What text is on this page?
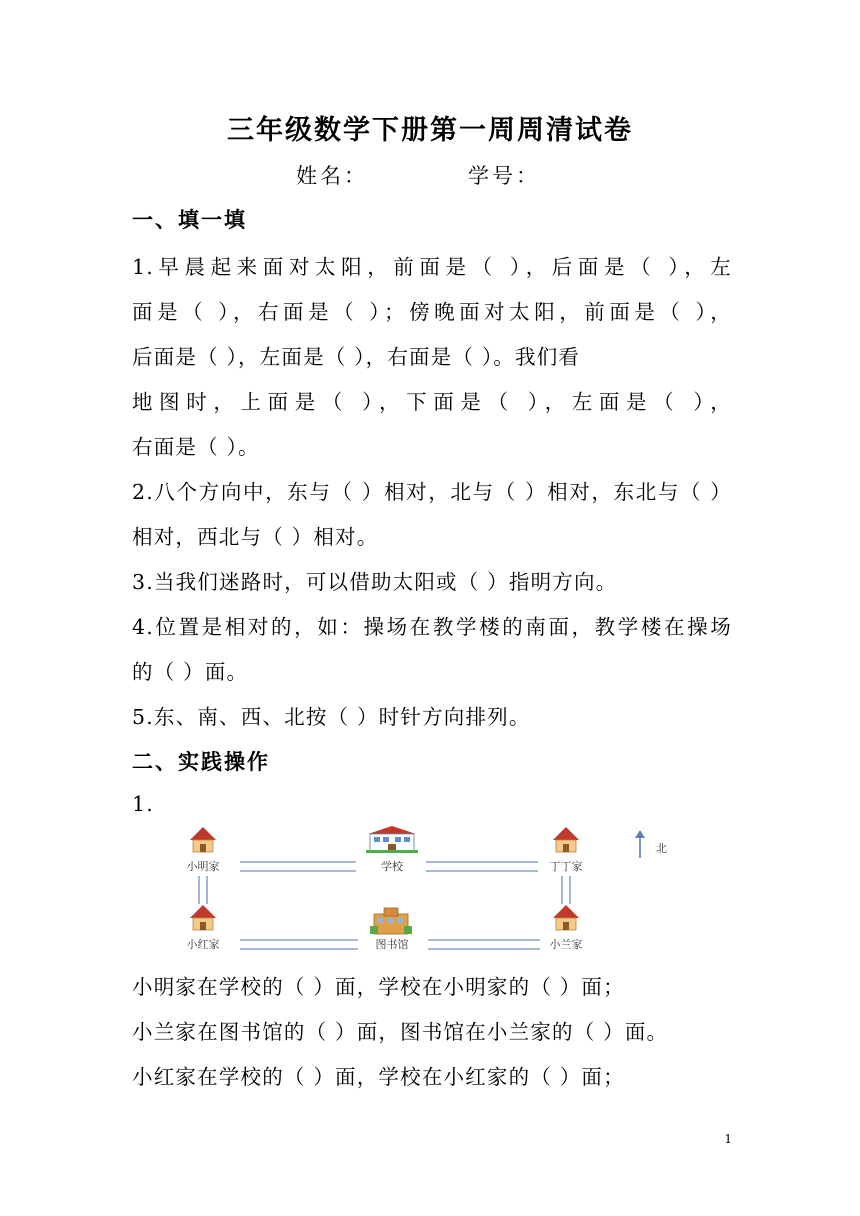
三年级数学下册第一周周清试卷
姓名：	学号：
一、填一填
1.早晨起来面对太阳，前面是（ ），后面是（ ），左
面是（ ），右面是（ ）；傍晚面对太阳，前面是（ ），
后面是（ ），左面是（ ），右面是（ ）。我们看
地图时，上面是（ ），下面是（ ），左面是（ ），
右面是（ ）。
2.八个方向中，东与（ ）相对，北与（ ）相对，东北与（ ）
相对，西北与（ ）相对。
3.当我们迷路时，可以借助太阳或（ ）指明方向。
4.位置是相对的，如：操场在教学楼的南面，教学楼在操场
的（ ）面。
5.东、南、西、北按（ ）时针方向排列。
二、实践操作
1.
小明家	学校	丁丁家
北
小红家	图书馆	小兰家
小明家在学校的（ ）面，学校在小明家的（ ）面；
小兰家在图书馆的（ ）面，图书馆在小兰家的（ ）面。
小红家在学校的（ ）面，学校在小红家的（ ）面；
1
